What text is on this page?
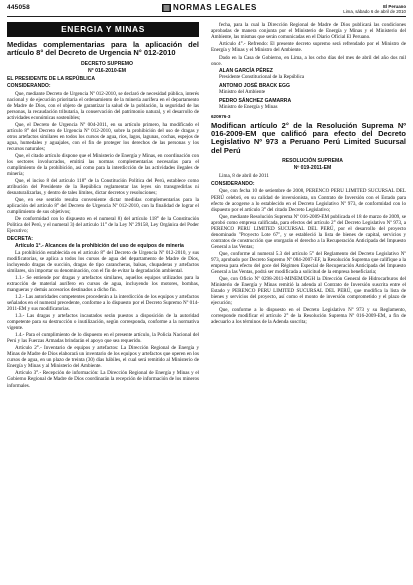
445058	NORMAS LEGALES	El Peruano
Lima, sábado 6 de abril de 2010
ENERGIA Y MINAS
Medidas complementarias para la aplicación del artículo 8° del Decreto de Urgencia N° 012-2010

DECRETO SUPREMO

N° 016-2010-EM

EL PRESIDENTE DE LA REPÚBLICA

CONSIDERANDO:

Que, mediante Decreto de Urgencia Nº 012-2010, se declaró de necesidad pública, interés nacional y de ejecución prioritaria el ordenamiento de la minería aurífera en el departamento de Madre de Dios, con el objeto de garantizar la salud de la población, la seguridad de las personas, la recaudación tributaria, la conservación del patrimonio natural, y el desarrollo de actividades económicas sostenibles;

Que, el Decreto de Urgencia Nº 004-2011, en su artículo primero, ha modificado el artículo 8° del Decreto de Urgencia Nº 012-2010, sobre la prohibición del uso de dragas y otros artefactos similares en todos los cursos de agua, ríos, lagos, lagunas, cochas, espejos de agua, humedales y aguajales, con el fin de proteger los derechos de las personas y los recursos naturales;

Que, el citado artículo dispone que el Ministerio de Energía y Minas, en coordinación con los sectores involucrados, emitirá las normas complementarias necesarias para el cumplimiento de la prohibición, así como para la interdicción de las actividades ilegales de minería;

Que, el inciso 8 del artículo 118° de la Constitución Política del Perú, establece como atribución del Presidente de la República reglamentar las leyes sin transgredirlas ni desnaturalizarlas, y dentro de tales límites, dictar decretos y resoluciones;

Que, en ese sentido resulta conveniente dictar medidas complementarias para la aplicación del artículo 8° del Decreto de Urgencia Nº 012-2010, con la finalidad de lograr el cumplimiento de sus objetivos;

De conformidad con lo dispuesto en el numeral 8) del artículo 118° de la Constitución Política del Perú, y el numeral 3) del artículo 11° de la Ley Nº 29158, Ley Orgánica del Poder Ejecutivo;

DECRETA:

Artículo 1°.- Alcances de la prohibición del uso de equipos de minería

La prohibición establecida en el artículo 8° del Decreto de Urgencia Nº 012-2010, y sus modificatorias, se aplica a todos los cursos de agua del departamento de Madre de Dios, incluyendo dragas de succión, dragas de tipo carancheras, balsas, chupaderas y artefactos similares, sin importar su denominación, con el fin de evitar la degradación ambiental.

1.1.- Se entiende por dragas y artefactos similares, aquellos equipos utilizados para la extracción de material aurífero en cursos de agua, incluyendo los motores, bombas, mangueras y demás accesorios destinados a dicho fin.

1.2.- Las autoridades competentes procederán a la interdicción de los equipos y artefactos señalados en el numeral precedente, conforme a lo dispuesto por el Decreto Supremo Nº 014-2011-EM y sus modificatorias.

1.3.- Las dragas y artefactos incautados serán puestos a disposición de la autoridad competente para su destrucción o inutilización, según corresponda, conforme a la normativa vigente.

1.4.- Para el cumplimiento de lo dispuesto en el presente artículo, la Policía Nacional del Perú y las Fuerzas Armadas brindarán el apoyo que sea requerido.

Artículo 2°.- Inventario de equipos y artefactos: La Dirección Regional de Energía y Minas de Madre de Dios elaborará un inventario de los equipos y artefactos que operen en los cursos de agua, en un plazo de treinta (30) días hábiles, el cual será remitido al Ministerio de Energía y Minas y al Ministerio del Ambiente.

Artículo 3°.- Recepción de información: La Dirección Regional de Energía y Minas y el Gobierno Regional de Madre de Dios coordinarán la recepción de información de los mineros informales.

fecha, para la cual la Dirección Regional de Madre de Dios publicará las condiciones aprobadas de manera conjunta por el Ministerio de Energía y Minas y el Ministerio del Ambiente, las mismas que serán comunicadas en el Diario Oficial El Peruano.

Artículo 4°.- Refrendo: El presente decreto supremo será refrendado por el Ministro de Energía y Minas y el Ministro del Ambiente.

Dado en la Casa de Gobierno, en Lima, a los ocho días del mes de abril del año dos mil once.

ALAN GARCÍA PÉREZ
Presidente Constitucional de la República
ANTONIO JOSÉ BRACK EGG
Ministro del Ambiente
PEDRO SÁNCHEZ GAMARRA
Ministro de Energía y Minas
620976-3
Modifican artículo 2° de la Resolución Suprema Nº 016-2009-EM que calificó para efecto del Decreto Legislativo Nº 973 a Peruano Perú Limited Sucursal del Perú

RESOLUCIÓN SUPREMA

Nº 019-2011-EM

Lima, 8 de abril de 2011

CONSIDERANDO:

Que, con fecha 10 de setiembre de 2008, PERENCO PERU LIMITED SUCURSAL DEL PERÚ celebró, en su calidad de inversionista, un Contrato de Inversión con el Estado para efecto de acogerse a lo establecido en el Decreto Legislativo Nº 973, de conformidad con lo dispuesto por el artículo 3° del citado Decreto Legislativo;

Que, mediante Resolución Suprema Nº 016-2009-EM publicada el 18 de marzo de 2009, se aprobó como empresa calificada, para efectos del artículo 2° del Decreto Legislativo Nº 973, a PERENCO PERU LIMITED SUCURSAL DEL PERÚ, por el desarrollo del proyecto denominado "Proyecto Lote 67", y se estableció la lista de bienes de capital, servicios y contratos de construcción que otorgarán el derecho a la Recuperación Anticipada del Impuesto General a las Ventas;

Que, conforme al numeral 5.3 del artículo 5° del Reglamento del Decreto Legislativo Nº 973, aprobado por Decreto Supremo Nº 084-2007-EF, la Resolución Suprema que califique a la empresa para efecto del goce del Régimen Especial de Recuperación Anticipada del Impuesto General a las Ventas, podrá ser modificada a solicitud de la empresa beneficiaria;

Que, con Oficio Nº 0298-2011-MINEM/DGH la Dirección General de Hidrocarburos del Ministerio de Energía y Minas remitió la adenda al Contrato de Inversión suscrita entre el Estado y PERENCO PERU LIMITED SUCURSAL DEL PERÚ, que modifica la lista de bienes y servicios del proyecto, así como el monto de inversión comprometido y el plazo de ejecución;

Que, conforme a lo dispuesto en el Decreto Legislativo Nº 973 y su Reglamento, corresponde modificar el artículo 2° de la Resolución Suprema Nº 016-2009-EM, a fin de adecuarlo a los términos de la Adenda suscrita;
